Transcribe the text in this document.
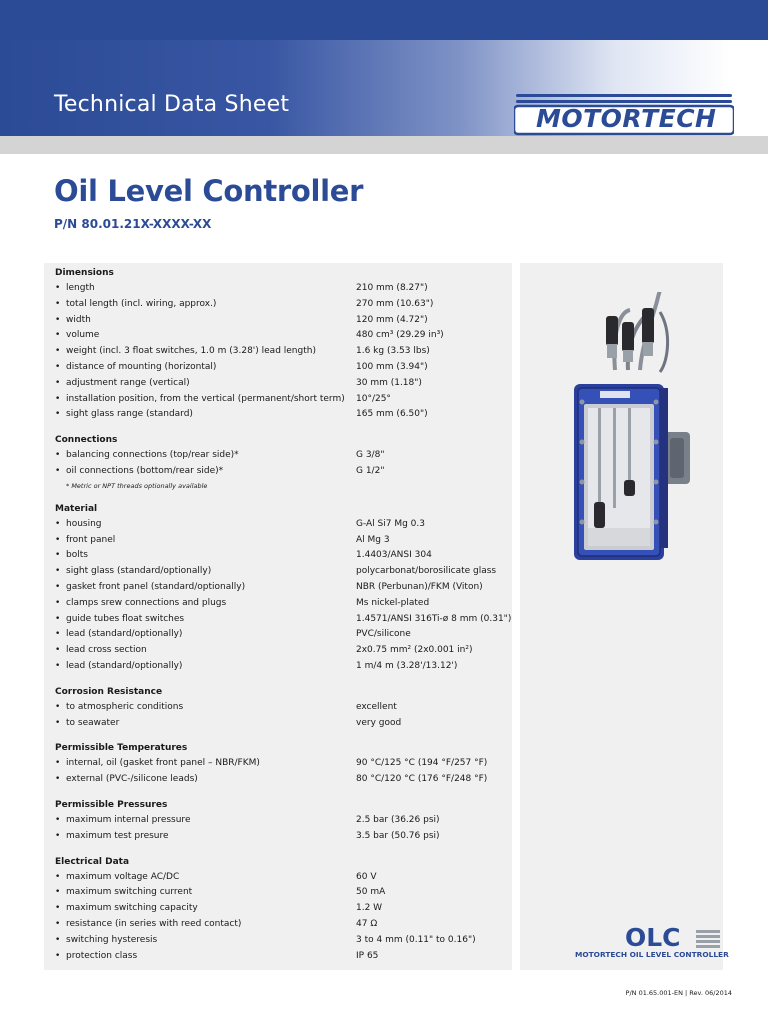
Technical Data Sheet	MOTORTECH
Oil Level Controller
P/N 80.01.21X-XXXX-XX
Dimensions
• length	210 mm (8.27")
• total length (incl. wiring, approx.)	270 mm (10.63")
• width	120 mm (4.72")
• volume	480 cm³ (29.29 in³)
• weight (incl. 3 float switches, 1.0 m (3.28') lead length)	1.6 kg (3.53 lbs)
• distance of mounting (horizontal)	100 mm (3.94")
• adjustment range (vertical)	30 mm (1.18")
• installation position, from the vertical (permanent/short term) 10°/25°
• sight glass range (standard)	165 mm (6.50")
Connections
• balancing connections (top/rear side)*	G 3/8"
• oil connections (bottom/rear side)*	G 1/2"
* Metric or NPT threads optionally available
Material
• housing	G-Al Si7 Mg 0.3
• front panel	Al Mg 3
• bolts	1.4403/ANSI 304
• sight glass (standard/optionally)	polycarbonat/borosilicate glass
• gasket front panel (standard/optionally)	NBR (Perbunan)/FKM (Viton)
• clamps srew connections and plugs	Ms nickel-plated
• guide tubes float switches	1.4571/ANSI 316Ti-ø 8 mm (0.31")
• lead (standard/optionally)	PVC/silicone
• lead cross section	2x0.75 mm² (2x0.001 in²)
• lead (standard/optionally)	1 m/4 m (3.28'/13.12')
Corrosion Resistance
• to atmospheric conditions	excellent
• to seawater	very good
Permissible Temperatures
• internal, oil (gasket front panel – NBR/FKM)	90 °C/125 °C (194 °F/257 °F)
• external (PVC-/silicone leads)	80 °C/120 °C (176 °F/248 °F)
Permissible Pressures
• maximum internal pressure	2.5 bar (36.26 psi)
• maximum test presure	3.5 bar (50.76 psi)
Electrical Data
• maximum voltage AC/DC	60 V
• maximum switching current	50 mA
• maximum switching capacity	1.2 W
• resistance (in series with reed contact)	47 Ω
• switching hysteresis	3 to 4 mm (0.11" to 0.16")
• protection class	IP 65
OLC
MOTORTECH OIL LEVEL CONTROLLER
P/N 01.65.001-EN | Rev. 06/2014
